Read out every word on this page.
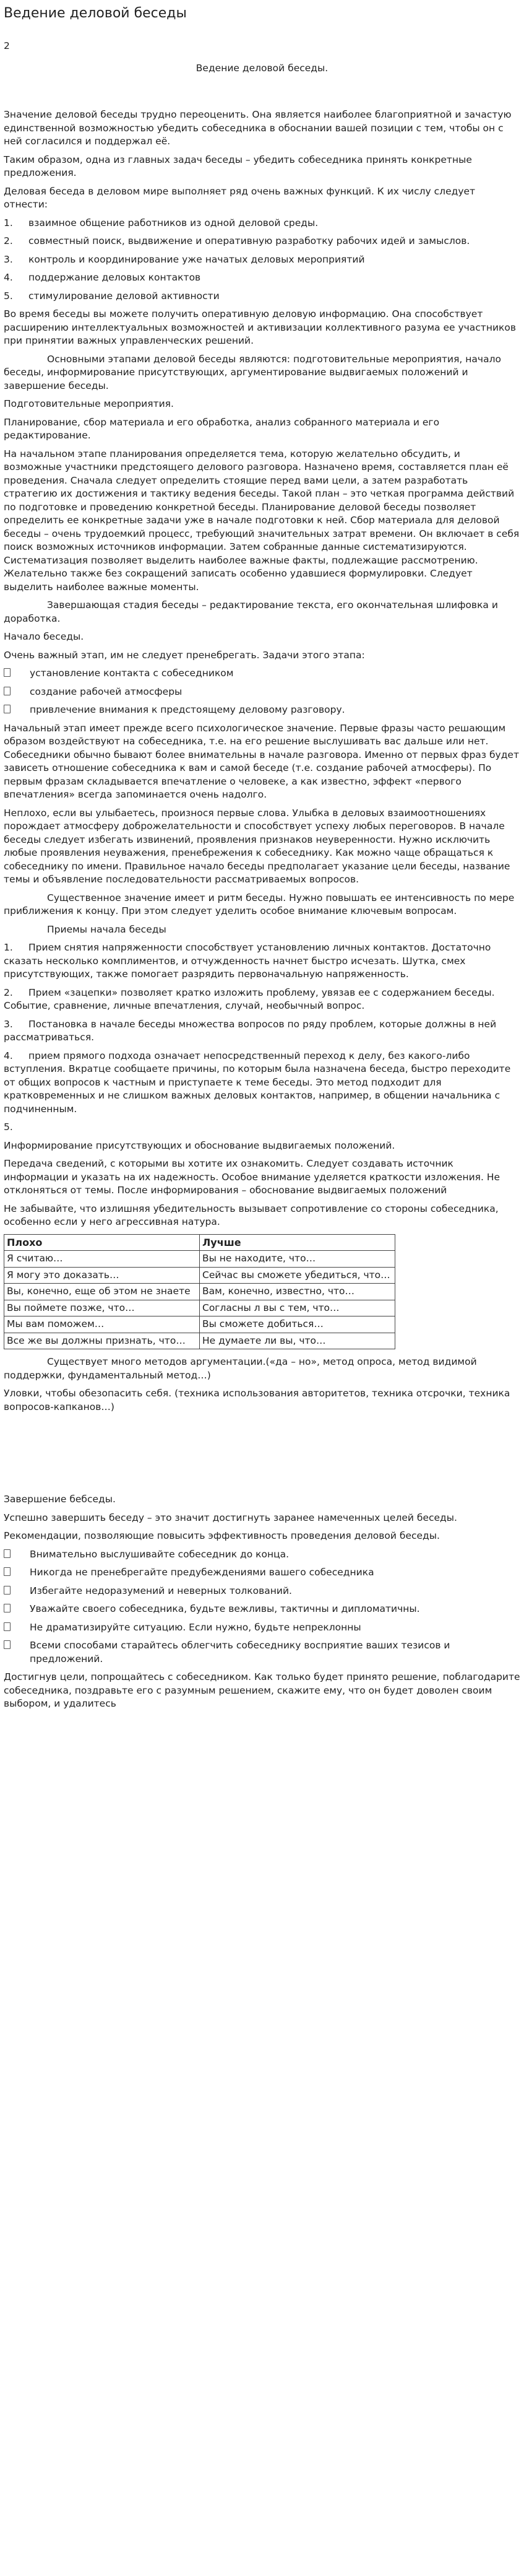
Ведение деловой беседы
2
Ведение деловой беседы.

Значение деловой беседы трудно переоценить. Она является наиболее благоприятной и зачастую единственной возможностью убедить собеседника в обоснании вашей позиции с тем, чтобы он с ней согласился и поддержал её.

Таким образом, одна из главных задач беседы – убедить собеседника принять конкретные предложения.

Деловая беседа в деловом мире выполняет ряд очень важных функций. К их числу следует отнести:

1. взаимное общение работников из одной деловой среды.
2. совместный поиск, выдвижение и оперативную разработку рабочих идей и замыслов.
3. контроль и координирование уже начатых деловых мероприятий
4. поддержание деловых контактов
5. стимулирование деловой активности

Во время беседы вы можете получить оперативную деловую информацию. Она способствует расширению интеллектуальных возможностей и активизации коллективного разума ее участников при принятии важных управленческих решений.

Основными этапами деловой беседы являются: подготовительные мероприятия, начало беседы, информирование присутствующих, аргументирование выдвигаемых положений и завершение беседы.

Подготовительные мероприятия.

Планирование, сбор материала и его обработка, анализ собранного материала и его редактирование.

На начальном этапе планирования определяется тема, которую желательно обсудить, и возможные участники предстоящего делового разговора. Назначено время, составляется план её проведения. Сначала следует определить стоящие перед вами цели, а затем разработать стратегию их достижения и тактику ведения беседы. Такой план – это четкая программа действий по подготовке и проведению конкретной беседы. Планирование деловой беседы позволяет определить ее конкретные задачи уже в начале подготовки к ней. Сбор материала для деловой беседы – очень трудоемкий процесс, требующий значительных затрат времени. Он включает в себя поиск возможных источников информации. Затем собранные данные систематизируются. Систематизация позволяет выделить наиболее важные факты, подлежащие рассмотрению. Желательно также без сокращений записать особенно удавшиеся формулировки. Следует выделить наиболее важные моменты.

Завершающая стадия беседы – редактирование текста, его окончательная шлифовка и доработка.

Начало беседы.

Очень важный этап, им не следует пренебрегать. Задачи этого этапа:

установление контакта с собеседником
создание рабочей атмосферы
привлечение внимания к предстоящему деловому разговору.

Начальный этап имеет прежде всего психологическое значение. Первые фразы часто решающим образом воздействуют на собеседника, т.е. на его решение выслушивать вас дальше или нет. Собеседники обычно бывают более внимательны в начале разговора. Именно от первых фраз будет зависеть отношение собеседника к вам и самой беседе (т.е. создание рабочей атмосферы). По первым фразам складывается впечатление о человеке, а как известно, эффект «первого впечатления» всегда запоминается очень надолго.

Неплохо, если вы улыбаетесь, произнося первые слова. Улыбка в деловых взаимоотношениях порождает атмосферу доброжелательности и способствует успеху любых переговоров. В начале беседы следует избегать извинений, проявления признаков неуверенности. Нужно исключить любые проявления неуважения, пренебрежения к собеседнику. Как можно чаще обращаться к собеседнику по имени. Правильное начало беседы предполагает указание цели беседы, название темы и объявление последовательности рассматриваемых вопросов.

Существенное значение имеет и ритм беседы. Нужно повышать ее интенсивность по мере приближения к концу. При этом следует уделить особое внимание ключевым вопросам.

Приемы начала беседы

1. Прием снятия напряженности способствует установлению личных контактов. Достаточно сказать несколько комплиментов, и отчужденность начнет быстро исчезать. Шутка, смех присутствующих, также помогает разрядить первоначальную напряженность.
2. Прием «зацепки» позволяет кратко изложить проблему, увязав ее с содержанием беседы. Событие, сравнение, личные впечатления, случай, необычный вопрос.
3. Постановка в начале беседы множества вопросов по ряду проблем, которые должны в ней рассматриваться.
4. прием прямого подхода означает непосредственный переход к делу, без какого-либо вступления. Вкратце сообщаете причины, по которым была назначена беседа, быстро переходите от общих вопросов к частным и приступаете к теме беседы. Это метод подходит для кратковременных и не слишком важных деловых контактов, например, в общении начальника с подчиненным.
5.

Информирование присутствующих и обоснование выдвигаемых положений.

Передача сведений, с которыми вы хотите их ознакомить. Следует создавать источник информации и указать на их надежность. Особое внимание уделяется краткости изложения. Не отклоняться от темы. После информирования – обоснование выдвигаемых положений

Не забывайте, что излишняя убедительность вызывает сопротивление со стороны собеседника, особенно если у него агрессивная натура.

Плохо	Лучше
Я считаю…	Вы не находите, что…
Я могу это доказать…	Сейчас вы сможете убедиться, что…
Вы, конечно, еще об этом не знаете	Вам, конечно, известно, что…
Вы поймете позже, что…	Согласны л вы с тем, что…
Мы вам поможем…	Вы сможете добиться…
Все же вы должны признать, что…	Не думаете ли вы, что…

Существует много методов аргументации.(«да – но», метод опроса, метод видимой поддержки, фундаментальный метод…)

Уловки, чтобы обезопасить себя. (техника использования авторитетов, техника отсрочки, техника вопросов-капканов…)

Завершение бебседы.

Успешно завершить беседу – это значит достигнуть заранее намеченных целей беседы.

Рекомендации, позволяющие повысить эффективность проведения деловой беседы.

Внимательно выслушивайте собеседник до конца.
Никогда не пренебрегайте предубеждениями вашего собеседника
Избегайте недоразумений и неверных толкований.
Уважайте своего собеседника, будьте вежливы, тактичны и дипломатичны.
Не драматизируйте ситуацию. Если нужно, будьте непреклонны
Всеми способами старайтесь облегчить собеседнику восприятие ваших тезисов и предложений.

Достигнув цели, попрощайтесь с собеседником. Как только будет принято решение, поблагодарите собеседника, поздравьте его с разумным решением, скажите ему, что он будет доволен своим выбором, и удалитесь
